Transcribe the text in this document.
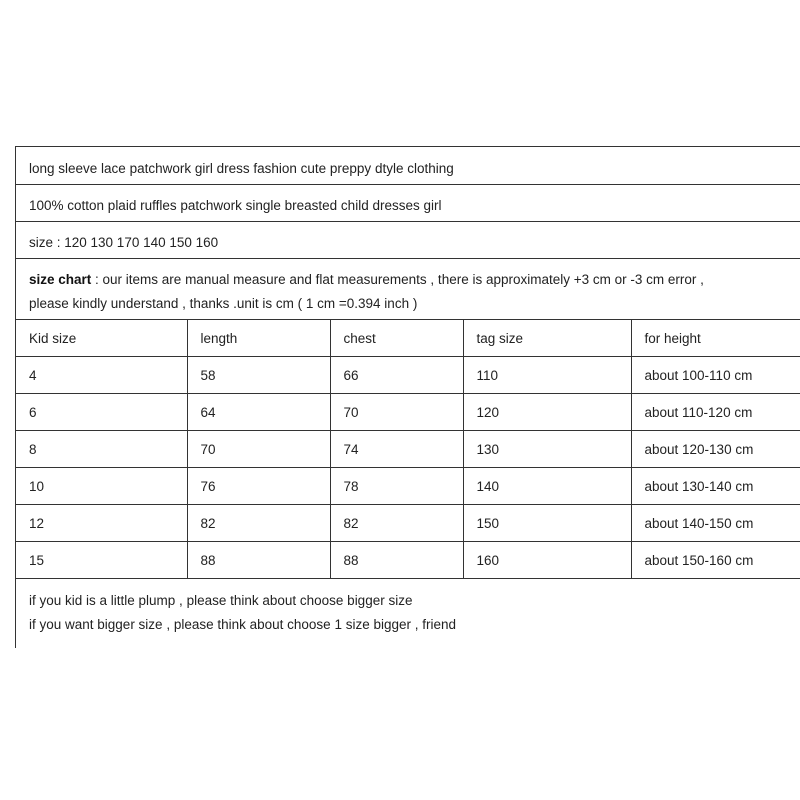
long sleeve lace patchwork girl dress fashion cute preppy dtyle clothing
100% cotton plaid ruffles patchwork single breasted child dresses girl
size : 120 130 170 140 150 160
size chart : our items are manual measure and flat measurements , there is approximately +3 cm or -3 cm error ,
please kindly understand , thanks .unit is cm ( 1 cm =0.394 inch )
Kid size	length	chest	tag size	for height
4	58	66	110	about 100-110 cm
6	64	70	120	about 110-120 cm
8	70	74	130	about 120-130 cm
10	76	78	140	about 130-140 cm
12	82	82	150	about 140-150 cm
15	88	88	160	about 150-160 cm
if you kid is a little plump , please think about choose bigger size
if you want bigger size , please think about choose 1 size bigger , friend
